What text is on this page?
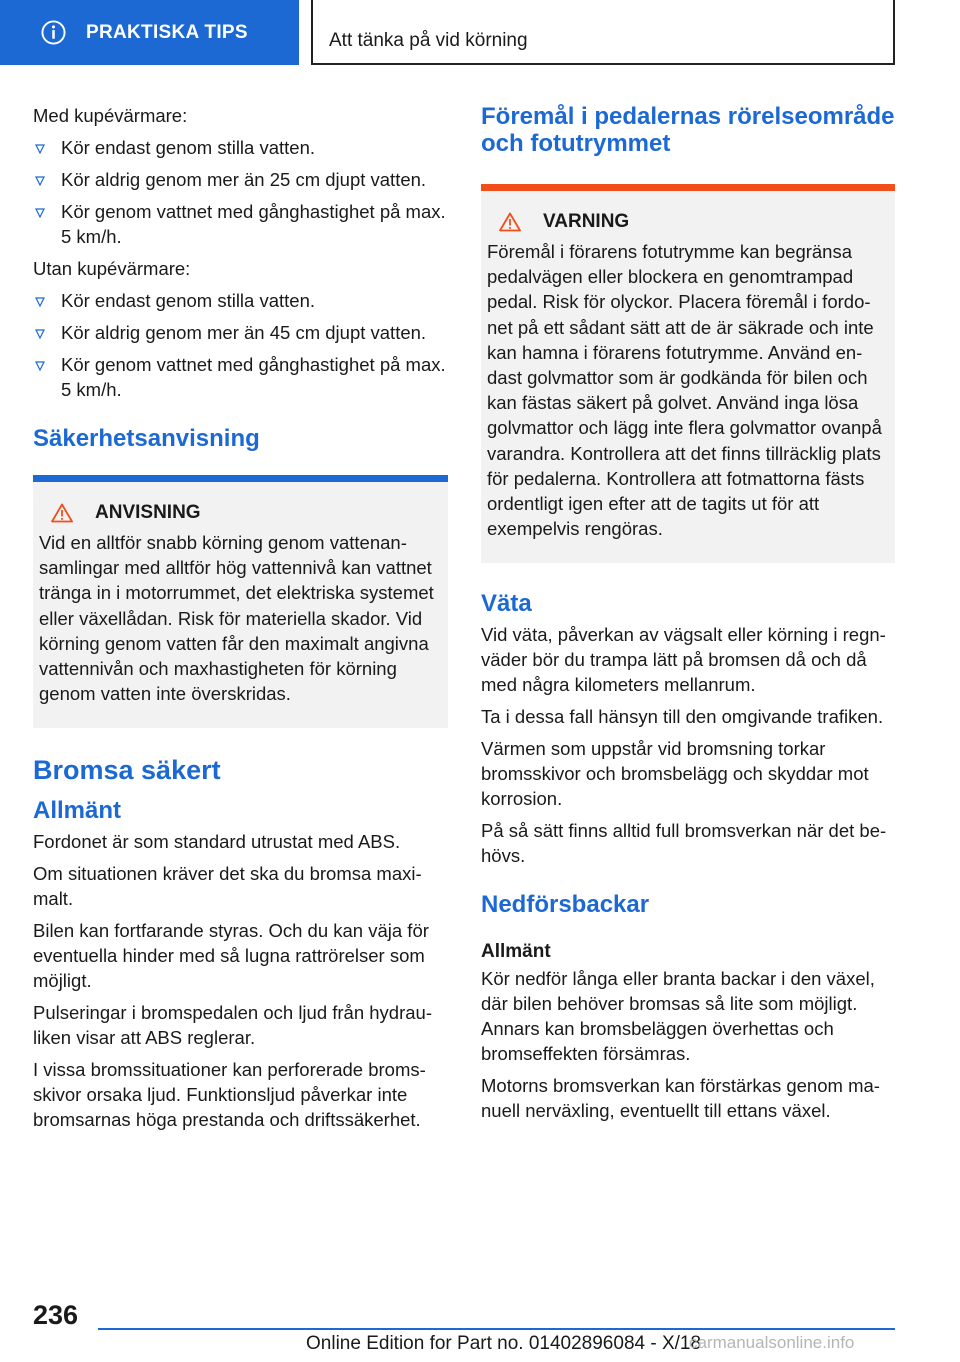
PRAKTISKA TIPS	Att tänka på vid körning

Med kupévärmare:

Kör endast genom stilla vatten.
Kör aldrig genom mer än 25 cm djupt vatten.
Kör genom vattnet med gånghastighet på max. 5 km/h.

Utan kupévärmare:

Kör endast genom stilla vatten.
Kör aldrig genom mer än 45 cm djupt vatten.
Kör genom vattnet med gånghastighet på max. 5 km/h.
Säkerhetsanvisning
ANVISNING
Vid en alltför snabb körning genom vattenansamlingar med alltför hög vattennivå kan vattnet tränga in i motorrummet, det elektriska systemet eller växellådan. Risk för materiella skador. Vid körning genom vatten får den maximalt angivna vattennivån och maxhastigheten för körning genom vatten inte överskridas.
Bromsa säkert
Allmänt

Fordonet är som standard utrustat med ABS.

Om situationen kräver det ska du bromsa maximalt.

Bilen kan fortfarande styras. Och du kan väja för eventuella hinder med så lugna rattrörelser som möjligt.

Pulseringar i bromspedalen och ljud från hydrauliken visar att ABS reglerar.

I vissa bromssituationer kan perforerade bromsskivor orsaka ljud. Funktionsljud påverkar inte bromsarnas höga prestanda och driftssäkerhet.

Föremål i pedalernas rörelseområde och fotutrymmet
VARNING
Föremål i förarens fotutrymme kan begränsa pedalvägen eller blockera en genomtrampad pedal. Risk för olyckor. Placera föremål i fordonet på ett sådant sätt att de är säkrade och inte kan hamna i förarens fotutrymme. Använd endast golvmattor som är godkända för bilen och kan fästas säkert på golvet. Använd inga lösa golvmattor och lägg inte flera golvmattor ovanpå varandra. Kontrollera att det finns tillräcklig plats för pedalerna. Kontrollera att fotmattorna fästs ordentligt igen efter att de tagits ut för att exempelvis rengöras.
Väta

Vid väta, påverkan av vägsalt eller körning i regnväder bör du trampa lätt på bromsen då och då med några kilometers mellanrum.

Ta i dessa fall hänsyn till den omgivande trafiken.

Värmen som uppstår vid bromsning torkar bromsskivor och bromsbelägg och skyddar mot korrosion.

På så sätt finns alltid full bromsverkan när det behövs.

Nedförsbackar
Allmänt

Kör nedför långa eller branta backar i den växel, där bilen behöver bromsas så lite som möjligt. Annars kan bromsbeläggen överhettas och bromseffekten försämras.

Motorns bromsverkan kan förstärkas genom manuell nerväxling, eventuellt till ettans växel.

236
Online Edition for Part no. 01402896084 - X/18
carmanualsonline.info
